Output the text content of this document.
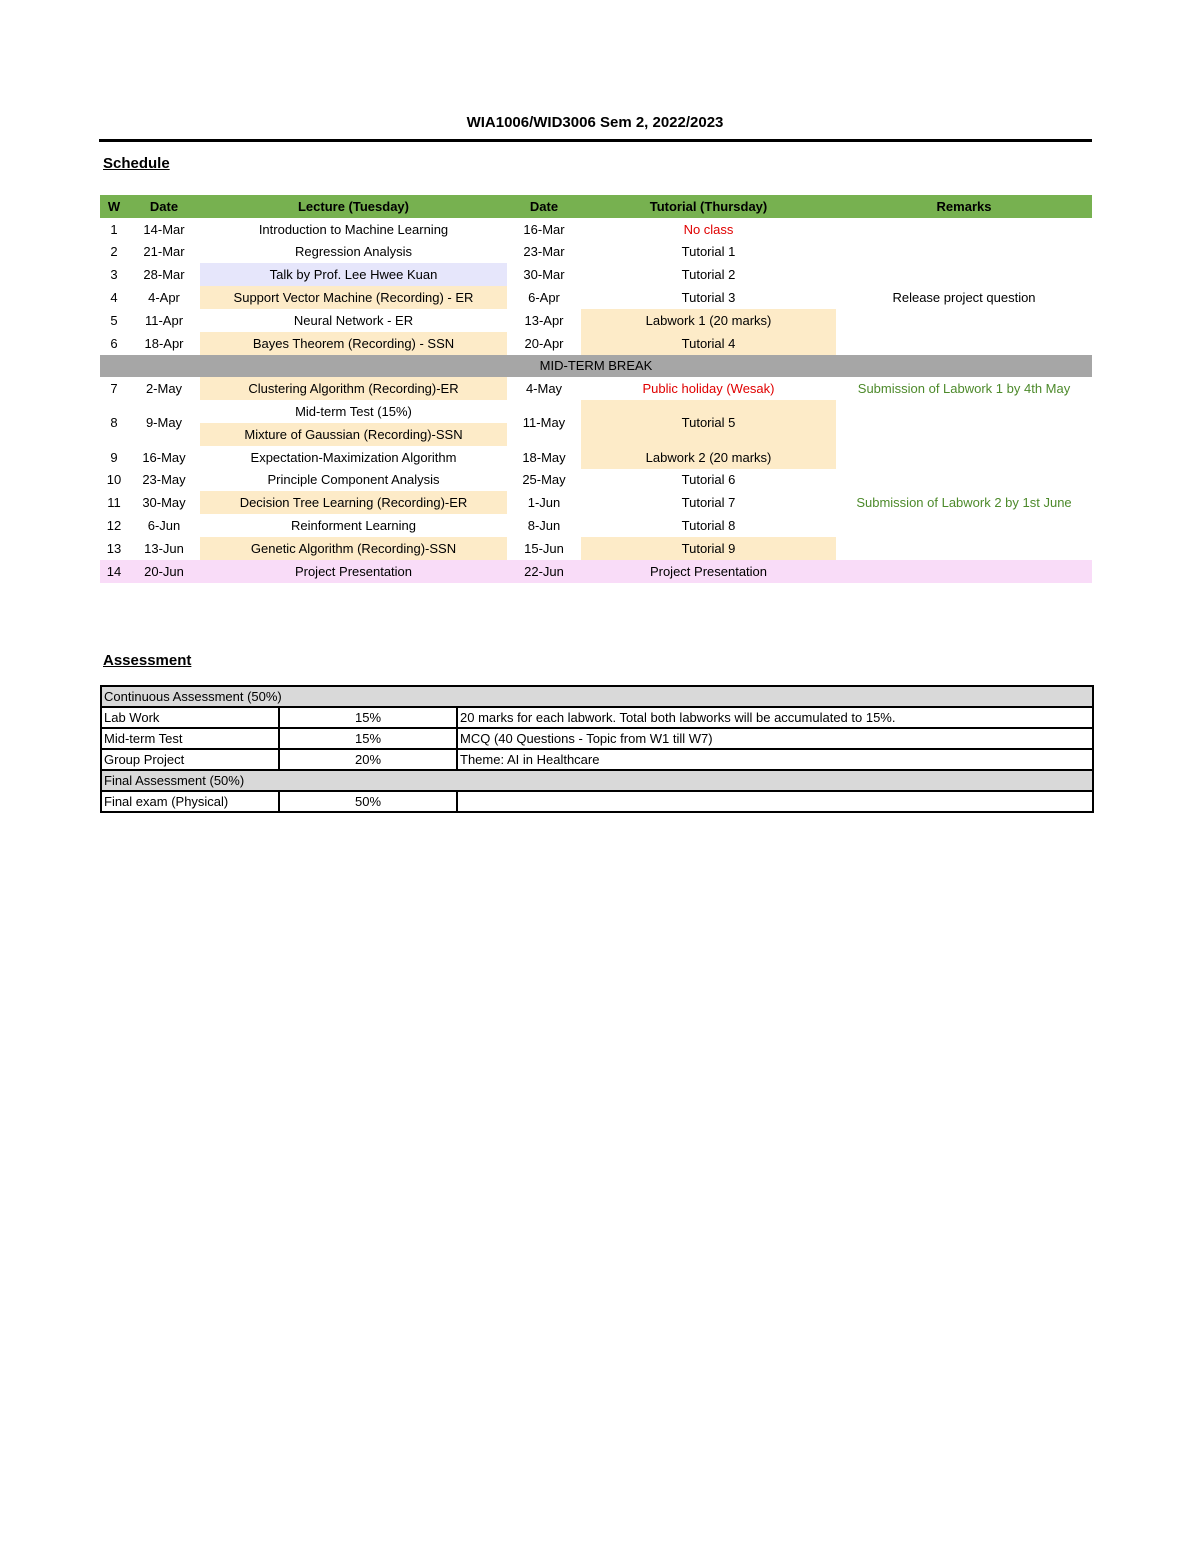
WIA1006/WID3006 Sem 2, 2022/2023
Schedule
W	Date	Lecture (Tuesday)	Date	Tutorial (Thursday)	Remarks
1	14-Mar	Introduction to Machine Learning	16-Mar	No class	
2	21-Mar	Regression Analysis	23-Mar	Tutorial 1	
3	28-Mar	Talk by Prof. Lee Hwee Kuan	30-Mar	Tutorial 2	
4	4-Apr	Support Vector Machine (Recording) - ER	6-Apr	Tutorial 3	Release project question
5	11-Apr	Neural Network - ER	13-Apr	Labwork 1 (20 marks)	
6	18-Apr	Bayes Theorem (Recording) - SSN	20-Apr	Tutorial 4	
MID-TERM BREAK					
7	2-May	Clustering Algorithm (Recording)-ER	4-May	Public holiday (Wesak)	Submission of Labwork 1 by 4th May
8	9-May	Mid-term Test (15%)	11-May	Tutorial 5	
		Mixture of Gaussian (Recording)-SSN			
9	16-May	Expectation-Maximization Algorithm	18-May	Labwork 2 (20 marks)	
10	23-May	Principle Component Analysis	25-May	Tutorial 6	
11	30-May	Decision Tree Learning (Recording)-ER	1-Jun	Tutorial 7	Submission of Labwork 2 by 1st June
12	6-Jun	Reinforment Learning	8-Jun	Tutorial 8	
13	13-Jun	Genetic Algorithm (Recording)-SSN	15-Jun	Tutorial 9	
14	20-Jun	Project Presentation	22-Jun	Project Presentation	
Assessment
Continuous Assessment (50%)		
Lab Work	15%	20 marks for each labwork. Total both labworks will be accumulated to 15%.
Mid-term Test	15%	MCQ (40 Questions - Topic from W1 till W7)
Group Project	20%	Theme: AI in Healthcare
Final Assessment (50%)		
Final exam (Physical)	50%	
